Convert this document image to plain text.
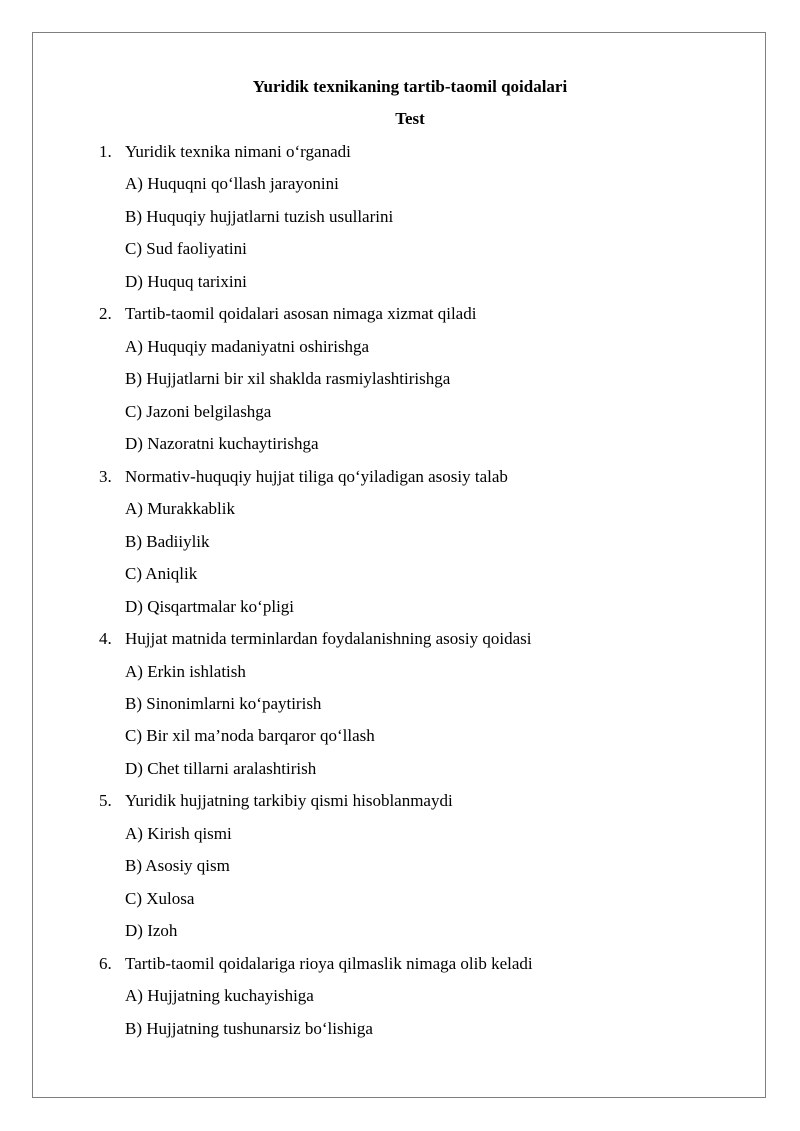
Yuridik texnikaning tartib-taomil qoidalari
Test
1. Yuridik texnika nimani o‘rganadi
A) Huquqni qo‘llash jarayonini
B) Huquqiy hujjatlarni tuzish usullarini
C) Sud faoliyatini
D) Huquq tarixini
2. Tartib-taomil qoidalari asosan nimaga xizmat qiladi
A) Huquqiy madaniyatni oshirishga
B) Hujjatlarni bir xil shaklda rasmiylashtirishga
C) Jazoni belgilashga
D) Nazoratni kuchaytirishga
3. Normativ-huquqiy hujjat tiliga qo‘yiladigan asosiy talab
A) Murakkablik
B) Badiiylik
C) Aniqlik
D) Qisqartmalar ko‘pligi
4. Hujjat matnida terminlardan foydalanishning asosiy qoidasi
A) Erkin ishlatish
B) Sinonimlarni ko‘paytirish
C) Bir xil ma’noda barqaror qo‘llash
D) Chet tillarni aralashtirish
5. Yuridik hujjatning tarkibiy qismi hisoblanmaydi
A) Kirish qismi
B) Asosiy qism
C) Xulosa
D) Izoh
6. Tartib-taomil qoidalariga rioya qilmaslik nimaga olib keladi
A) Hujjatning kuchayishiga
B) Hujjatning tushunarsiz bo‘lishiga
